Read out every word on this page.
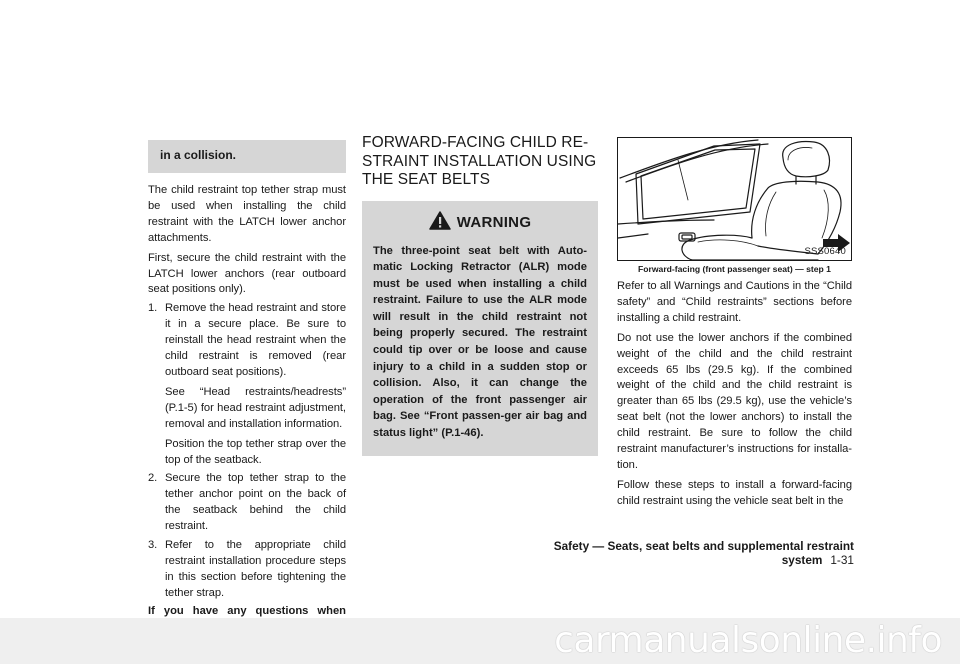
in a collision.

The child restraint top tether strap must be used when installing the child restraint with the LATCH lower anchor attachments.

First, secure the child restraint with the LATCH lower anchors (rear outboard seat positions only).

1. Remove the head restraint and store it in a secure place. Be sure to reinstall the head restraint when the child restraint is removed (rear outboard seat positions).

See “Head restraints/headrests” (P.1-5) for head restraint adjustment, removal and installation information.

Position the top tether strap over the top of the seatback.

2. Secure the top tether strap to the tether anchor point on the back of the seatback behind the child restraint.

3. Refer to the appropriate child restraint installation procedure steps in this section before tightening the tether strap.

If you have any questions when

FORWARD-FACING CHILD RE-STRAINT INSTALLATION USING THE SEAT BELTS
WARNING

The three-point seat belt with Auto-matic Locking Retractor (ALR) mode must be used when installing a child restraint. Failure to use the ALR mode will result in the child restraint not being properly secured. The restraint could tip over or be loose and cause injury to a child in a sudden stop or collision. Also, it can change the operation of the front passenger air bag. See “Front passen-ger air bag and status light” (P.1-46).

SSS0640
Forward-facing (front passenger seat) — step 1

Refer to all Warnings and Cautions in the “Child safety” and “Child restraints” sections before installing a child restraint.

Do not use the lower anchors if the combined weight of the child and the child restraint exceeds 65 lbs (29.5 kg). If the combined weight of the child and the child restraint is greater than 65 lbs (29.5 kg), use the vehicle’s seat belt (not the lower anchors) to install the child restraint. Be sure to follow the child restraint manufacturer’s instructions for installa-tion.

Follow these steps to install a forward-facing child restraint using the vehicle seat belt in the

Safety — Seats, seat belts and supplemental restraint system 1-31
carmanualsonline.info
